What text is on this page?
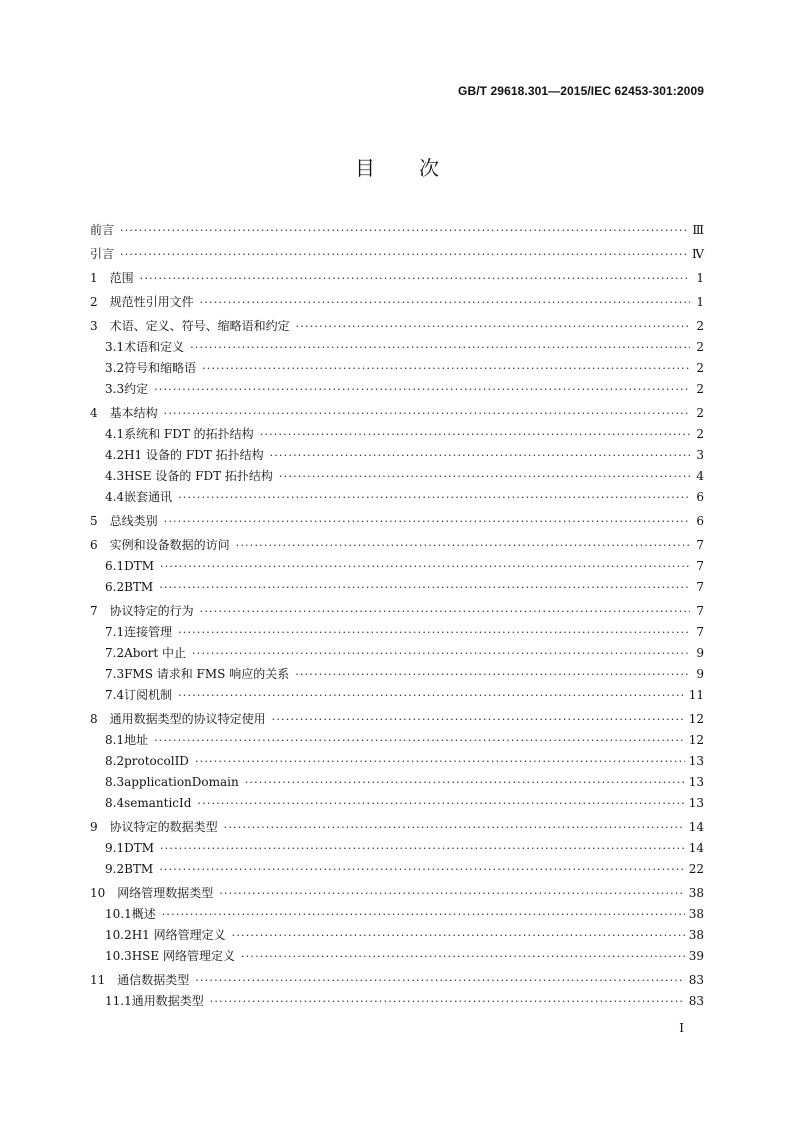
GB/T 29618.301—2015/IEC 62453-301:2009
目次
前言 ·····	Ⅲ
引言 ·····	Ⅳ
1 范围 ·····	1
2 规范性引用文件 ·····	1
3 术语、定义、符号、缩略语和约定 ·····	2
3.1 术语和定义 ·····	2
3.2 符号和缩略语 ·····	2
3.3 约定 ·····	2
4 基本结构 ·····	2
4.1 系统和 FDT 的拓扑结构 ·····	2
4.2 H1 设备的 FDT 拓扑结构 ·····	3
4.3 HSE 设备的 FDT 拓扑结构 ·····	4
4.4 嵌套通讯 ·····	6
5 总线类别 ·····	6
6 实例和设备数据的访问 ·····	7
6.1 DTM ·····	7
6.2 BTM ·····	7
7 协议特定的行为 ·····	7
7.1 连接管理 ·····	7
7.2 Abort 中止 ·····	9
7.3 FMS 请求和 FMS 响应的关系 ·····	9
7.4 订阅机制 ·····	11
8 通用数据类型的协议特定使用 ·····	12
8.1 地址 ·····	12
8.2 protocolID ·····	13
8.3 applicationDomain ·····	13
8.4 semanticId ·····	13
9 协议特定的数据类型 ·····	14
9.1 DTM ·····	14
9.2 BTM ·····	22
10 网络管理数据类型 ·····	38
10.1 概述 ·····	38
10.2 H1 网络管理定义 ·····	38
10.3 HSE 网络管理定义 ·····	39
11 通信数据类型 ·····	83
11.1 通用数据类型 ·····	83
I
